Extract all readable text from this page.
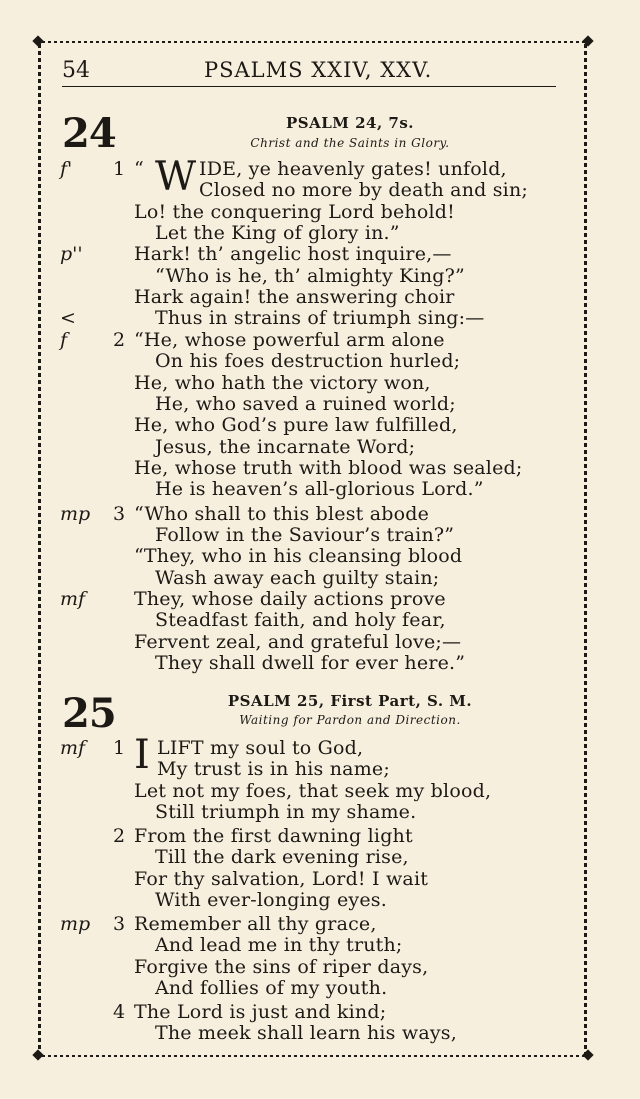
54	PSALMS XXIV, XXV.
24	PSALM 24, 7s.
Christ and the Saints in Glory.
f' 1 “ W IDE, ye heavenly gates! unfold,
Closed no more by death and sin;
Lo! the conquering Lord behold!
Let the King of glory in.”
p''	Hark! th’ angelic host inquire,—
“Who is he, th’ almighty King?”
Hark again! the answering choir
<	Thus in strains of triumph sing:—
f 2 “He, whose powerful arm alone
On his foes destruction hurled;
He, who hath the victory won,
He, who saved a ruined world;
He, who God’s pure law fulfilled,
Jesus, the incarnate Word;
He, whose truth with blood was sealed;
He is heaven’s all-glorious Lord.”
mp 3 “Who shall to this blest abode
Follow in the Saviour’s train?”
“They, who in his cleansing blood
Wash away each guilty stain;
mf	They, whose daily actions prove
Steadfast faith, and holy fear,
Fervent zeal, and grateful love;—
They shall dwell for ever here.”
25	PSALM 25, First Part, S. M.
Waiting for Pardon and Direction.
mf 1 I LIFT my soul to God,
My trust is in his name;
Let not my foes, that seek my blood,
Still triumph in my shame.
2 From the first dawning light
Till the dark evening rise,
For thy salvation, Lord! I wait
With ever-longing eyes.
mp 3 Remember all thy grace,
And lead me in thy truth;
Forgive the sins of riper days,
And follies of my youth.
4 The Lord is just and kind;
The meek shall learn his ways,
